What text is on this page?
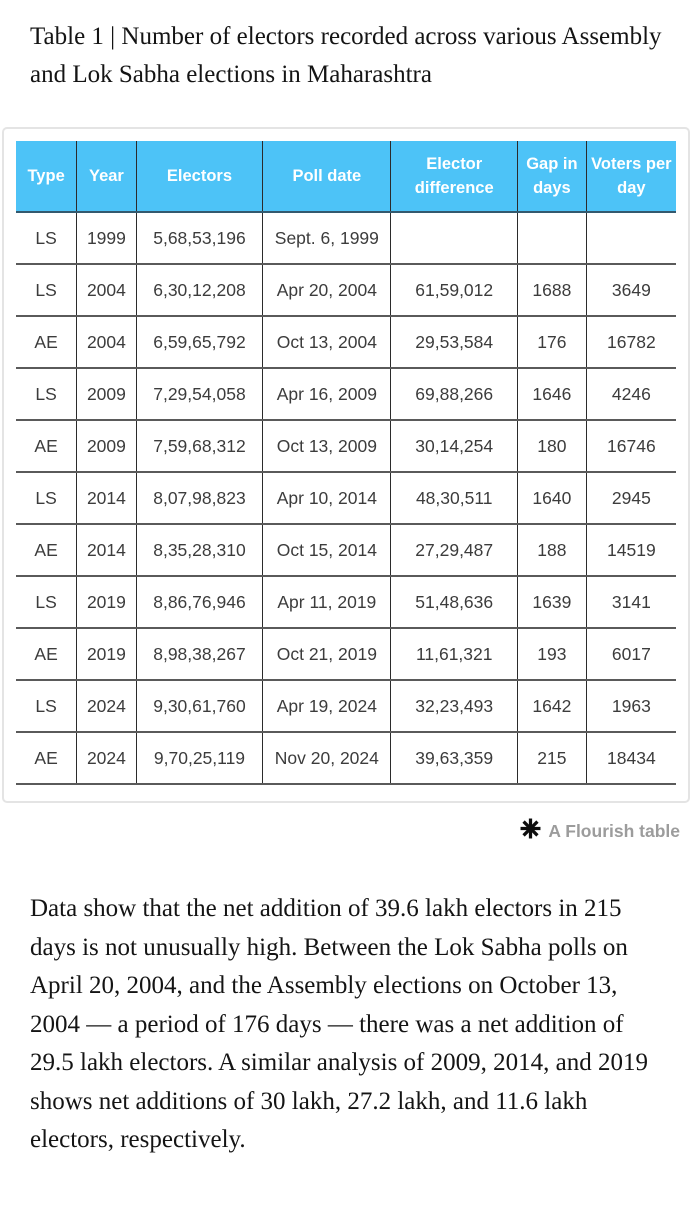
Table 1 | Number of electors recorded across various Assembly and Lok Sabha elections in Maharashtra
Type	Year	Electors	Poll date	Elector difference	Gap in days	Voters per day
LS	1999	5,68,53,196	Sept. 6, 1999			
LS	2004	6,30,12,208	Apr 20, 2004	61,59,012	1688	3649
AE	2004	6,59,65,792	Oct 13, 2004	29,53,584	176	16782
LS	2009	7,29,54,058	Apr 16, 2009	69,88,266	1646	4246
AE	2009	7,59,68,312	Oct 13, 2009	30,14,254	180	16746
LS	2014	8,07,98,823	Apr 10, 2014	48,30,511	1640	2945
AE	2014	8,35,28,310	Oct 15, 2014	27,29,487	188	14519
LS	2019	8,86,76,946	Apr 11, 2019	51,48,636	1639	3141
AE	2019	8,98,38,267	Oct 21, 2019	11,61,321	193	6017
LS	2024	9,30,61,760	Apr 19, 2024	32,23,493	1642	1963
AE	2024	9,70,25,119	Nov 20, 2024	39,63,359	215	18434
A Flourish table
Data show that the net addition of 39.6 lakh electors in 215 days is not unusually high. Between the Lok Sabha polls on April 20, 2004, and the Assembly elections on October 13, 2004 — a period of 176 days — there was a net addition of 29.5 lakh electors. A similar analysis of 2009, 2014, and 2019 shows net additions of 30 lakh, 27.2 lakh, and 11.6 lakh electors, respectively.
